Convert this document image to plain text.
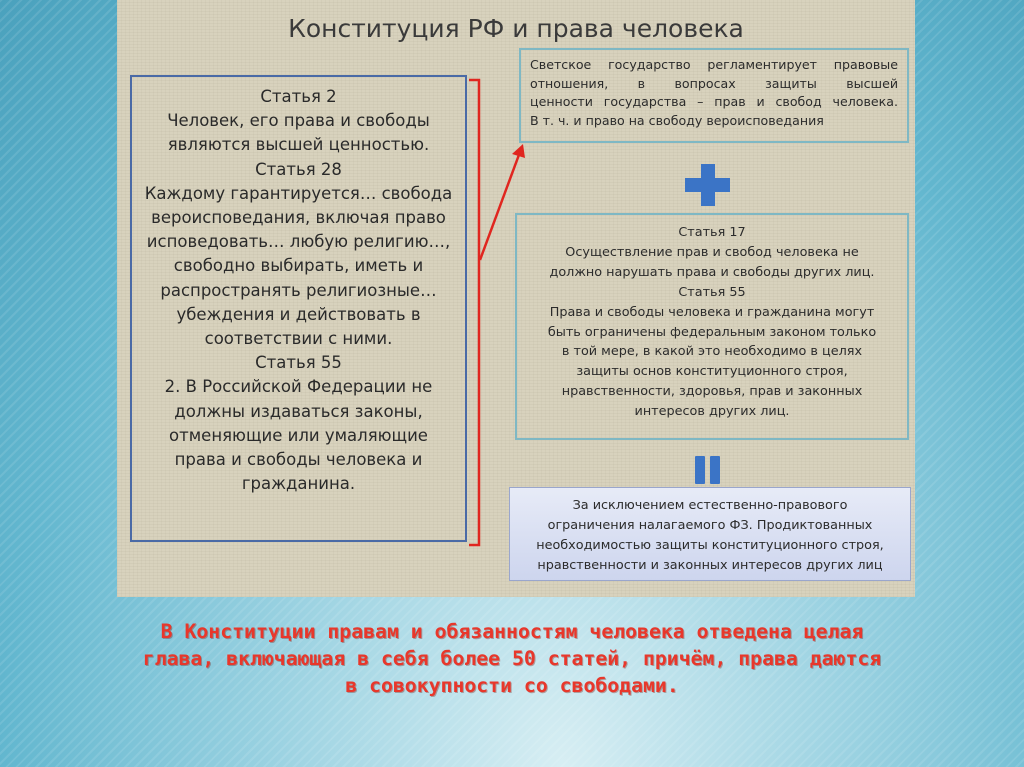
Конституция РФ и права человека
Статья 2
Человек, его права и свободы
являются высшей ценностью.
Статья 28
Каждому гарантируется… свобода
вероисповедания, включая право
исповедовать… любую религию…,
свободно выбирать, иметь и
распространять религиозные…
убеждения и действовать в
соответствии с ними.
Статья 55
2. В Российской Федерации не
должны издаваться законы,
отменяющие или умаляющие
права и свободы человека и
гражданина.
Светское государство регламентирует правовые
отношения, в вопросах защиты высшей
ценности государства – прав и свобод человека.
В т. ч. и право на свободу вероисповедания
Статья 17
Осуществление прав и свобод человека не
должно нарушать права и свободы других лиц.
Статья 55
Права и свободы человека и гражданина могут
быть ограничены федеральным законом только
в той мере, в какой это необходимо в целях
защиты основ конституционного строя,
нравственности, здоровья, прав и законных
интересов других лиц.
За исключением естественно-правового
ограничения налагаемого ФЗ. Продиктованных
необходимостью защиты конституционного строя,
нравственности и законных интересов других лиц
В Конституции правам и обязанностям человека отведена целая
глава, включающая в себя более 50 статей, причём, права даются
в совокупности со свободами.
